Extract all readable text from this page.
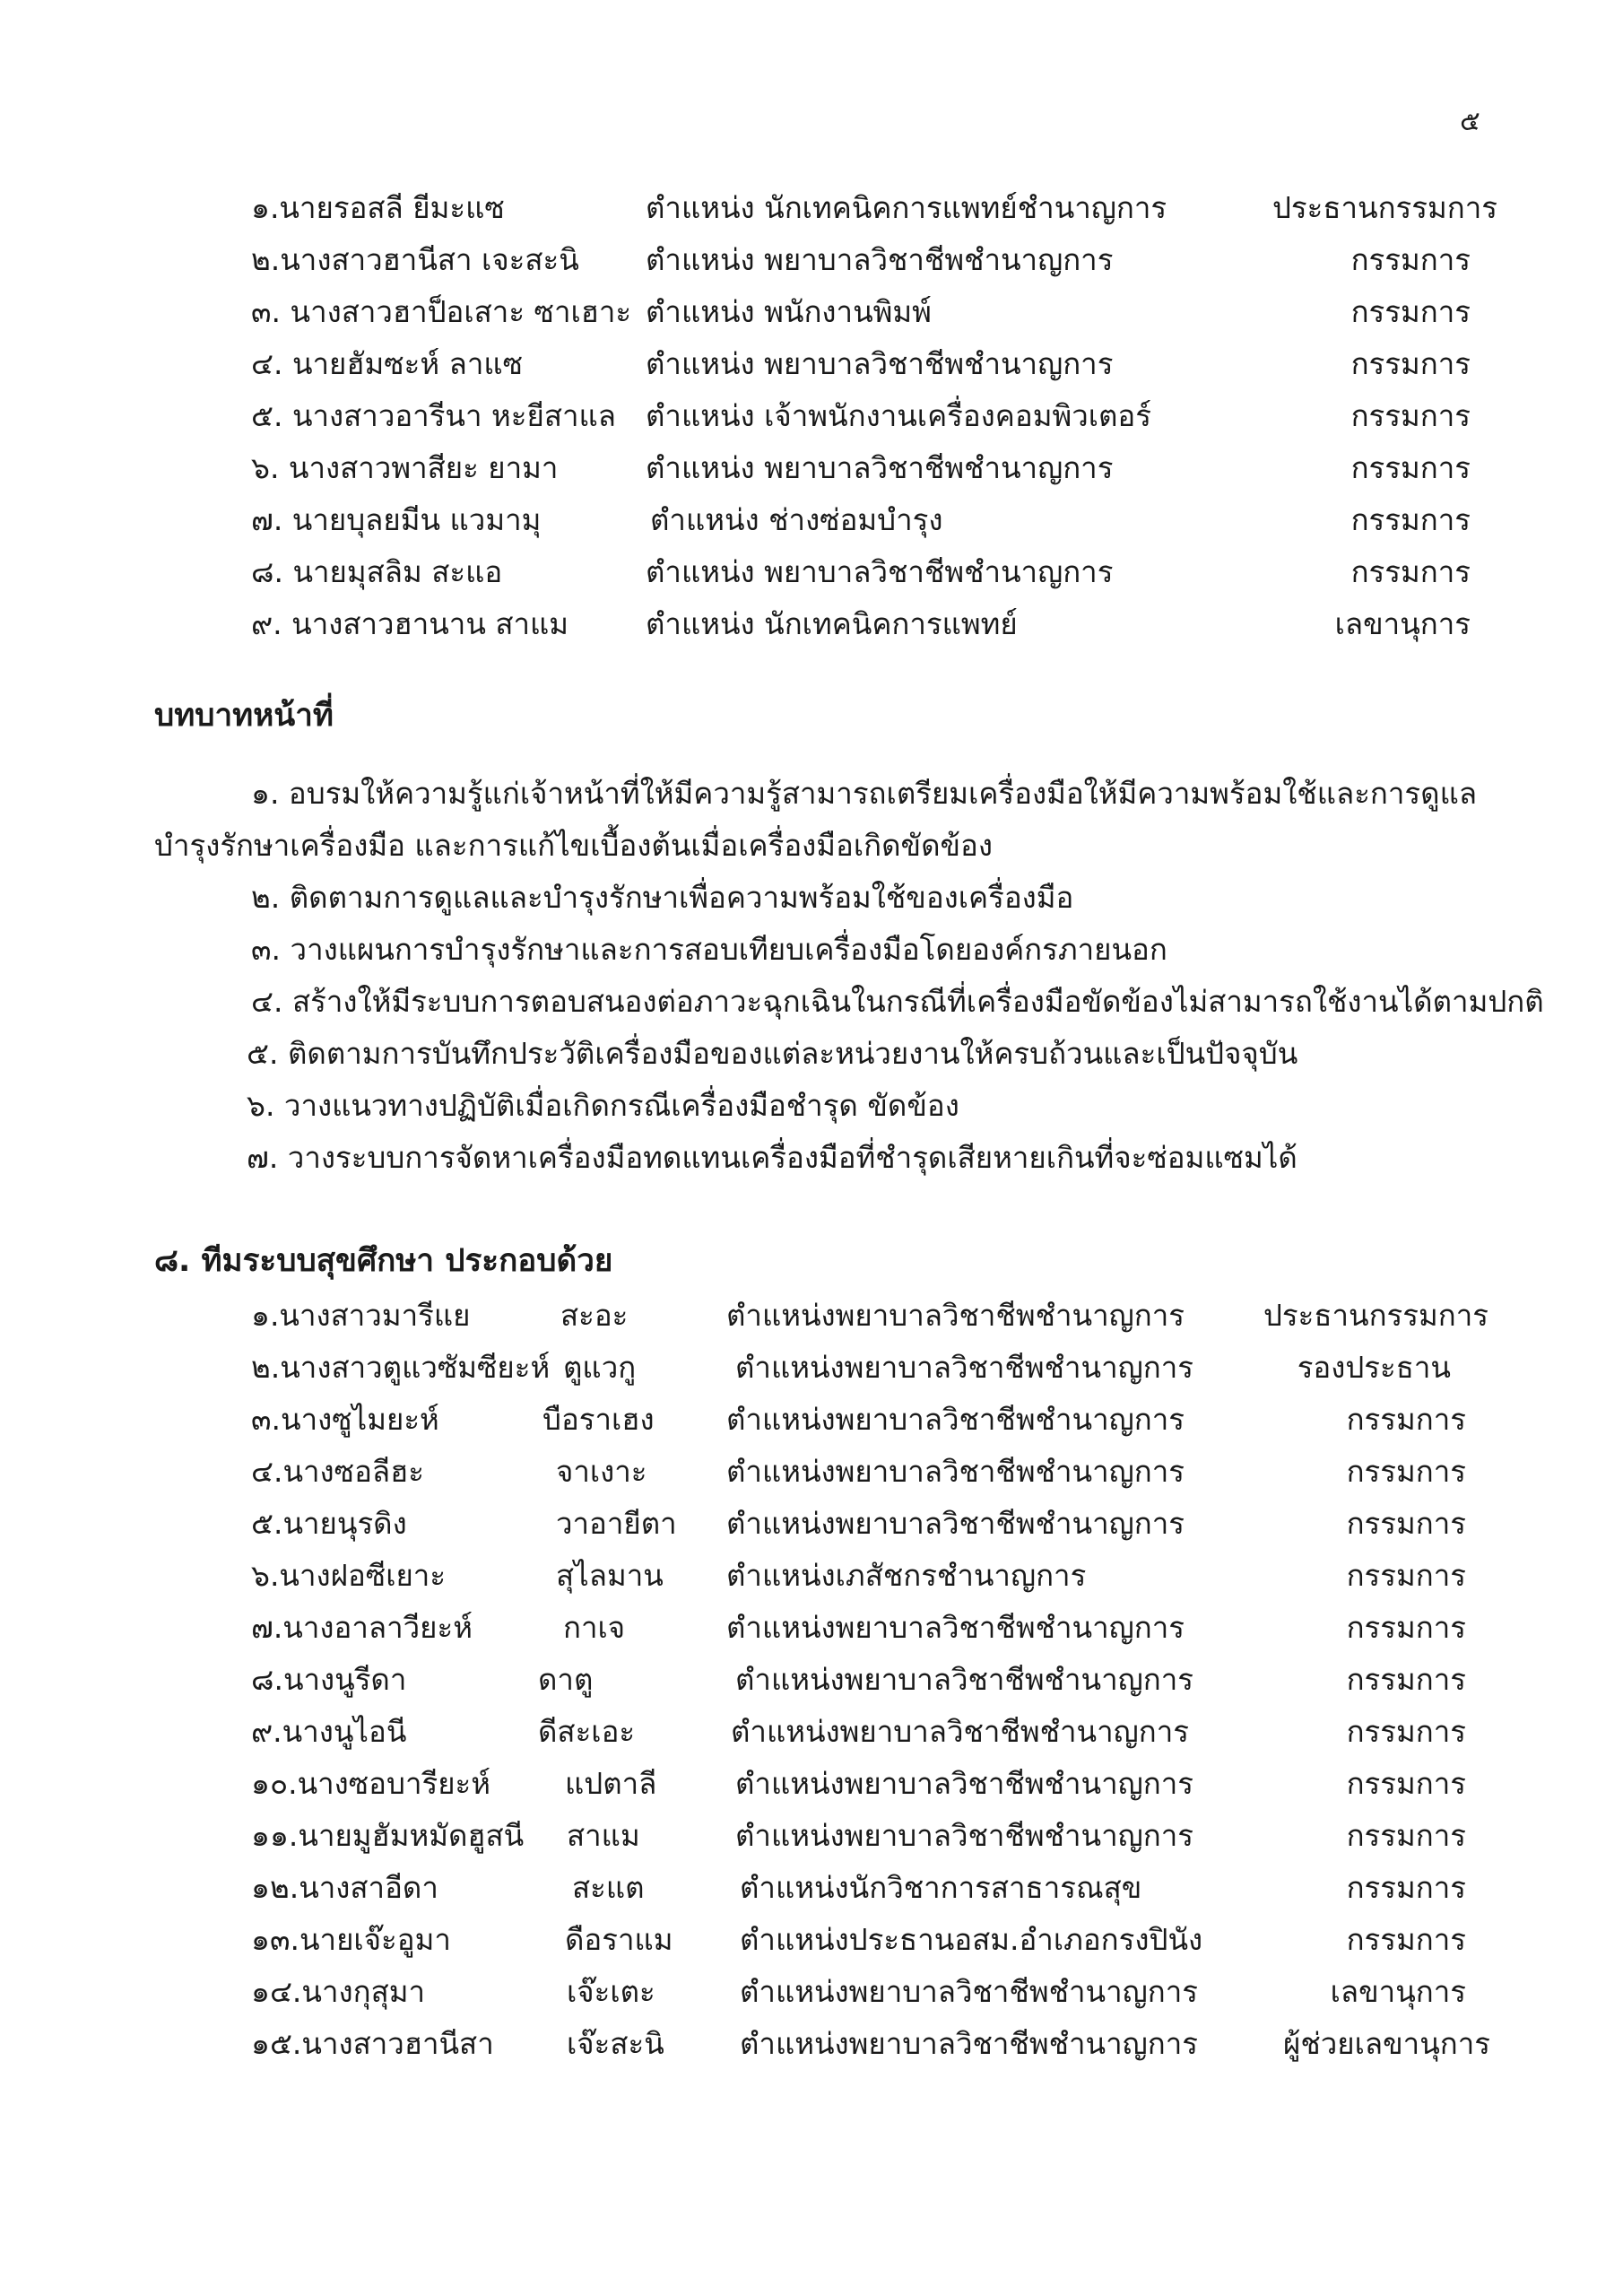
๕
๑.นายรอสลี ยีมะแซ	ตำแหน่ง นักเทคนิคการแพทย์ชำนาญการ	ประธานกรรมการ
๒.นางสาวฮานีสา เจะสะนิ ตำแหน่ง พยาบาลวิชาชีพชำนาญการ	กรรมการ
๓. นางสาวฮาป็อเสาะ ซาเฮาะ ตำแหน่ง พนักงานพิมพ์	กรรมการ
๔. นายฮัมซะห์ ลาแซ	ตำแหน่ง พยาบาลวิชาชีพชำนาญการ	กรรมการ
๕. นางสาวอารีนา หะยีสาแล ตำแหน่ง เจ้าพนักงานเครื่องคอมพิวเตอร์	กรรมการ
๖. นางสาวพาสียะ ยามา	ตำแหน่ง พยาบาลวิชาชีพชำนาญการ	กรรมการ
๗. นายบุลยมีน แวมามุ	ตำแหน่ง ช่างซ่อมบำรุง	กรรมการ
๘. นายมุสลิม สะแอ	ตำแหน่ง พยาบาลวิชาชีพชำนาญการ	กรรมการ
๙. นางสาวฮานาน สาแม	ตำแหน่ง นักเทคนิคการแพทย์	เลขานุการ
บทบาทหน้าที่
๑. อบรมให้ความรู้แก่เจ้าหน้าที่ให้มีความรู้สามารถเตรียมเครื่องมือให้มีความพร้อมใช้และการดูแล
บำรุงรักษาเครื่องมือ และการแก้ไขเบื้องต้นเมื่อเครื่องมือเกิดขัดข้อง
๒. ติดตามการดูแลและบำรุงรักษาเพื่อความพร้อมใช้ของเครื่องมือ
๓. วางแผนการบำรุงรักษาและการสอบเทียบเครื่องมือโดยองค์กรภายนอก
๔. สร้างให้มีระบบการตอบสนองต่อภาวะฉุกเฉินในกรณีที่เครื่องมือขัดข้องไม่สามารถใช้งานได้ตามปกติ
๕. ติดตามการบันทึกประวัติเครื่องมือของแต่ละหน่วยงานให้ครบถ้วนและเป็นปัจจุบัน
๖. วางแนวทางปฏิบัติเมื่อเกิดกรณีเครื่องมือชำรุด ขัดข้อง
๗. วางระบบการจัดหาเครื่องมือทดแทนเครื่องมือที่ชำรุดเสียหายเกินที่จะซ่อมแซมได้
๘. ทีมระบบสุขศึกษา ประกอบด้วย
๑.นางสาวมารีแย	สะอะ	ตำแหน่งพยาบาลวิชาชีพชำนาญการ	ประธานกรรมการ
๒.นางสาวตูแวซัมซียะห์ ตูแวกู	ตำแหน่งพยาบาลวิชาชีพชำนาญการ	รองประธาน
๓.นางซูไมยะห์	บือราเฮง ตำแหน่งพยาบาลวิชาชีพชำนาญการ	กรรมการ
๔.นางซอลีฮะ	จาเงาะ	ตำแหน่งพยาบาลวิชาชีพชำนาญการ	กรรมการ
๕.นายนุรดิง	วาอายีตา ตำแหน่งพยาบาลวิชาชีพชำนาญการ	กรรมการ
๖.นางฝอซีเยาะ	สุไลมาน ตำแหน่งเภสัชกรชำนาญการ	กรรมการ
๗.นางอาลาวียะห์	กาเจ	ตำแหน่งพยาบาลวิชาชีพชำนาญการ	กรรมการ
๘.นางนูรีดา	ดาตู	ตำแหน่งพยาบาลวิชาชีพชำนาญการ	กรรมการ
๙.นางนูไอนี	ดีสะเอะ	ตำแหน่งพยาบาลวิชาชีพชำนาญการ	กรรมการ
๑๐.นางซอบารียะห์	แปตาลี	ตำแหน่งพยาบาลวิชาชีพชำนาญการ	กรรมการ
๑๑.นายมูฮัมหมัดฮูสนี สาแม	ตำแหน่งพยาบาลวิชาชีพชำนาญการ	กรรมการ
๑๒.นางสาอีดา	สะแต	ตำแหน่งนักวิชาการสาธารณสุข	กรรมการ
๑๓.นายเจ๊ะอูมา	ดือราแม ตำแหน่งประธานอสม.อำเภอกรงปินัง	กรรมการ
๑๔.นางกุสุมา	เจ๊ะเตะ	ตำแหน่งพยาบาลวิชาชีพชำนาญการ	เลขานุการ
๑๕.นางสาวฮานีสา เจ๊ะสะนิ	ตำแหน่งพยาบาลวิชาชีพชำนาญการ	ผู้ช่วยเลขานุการ
